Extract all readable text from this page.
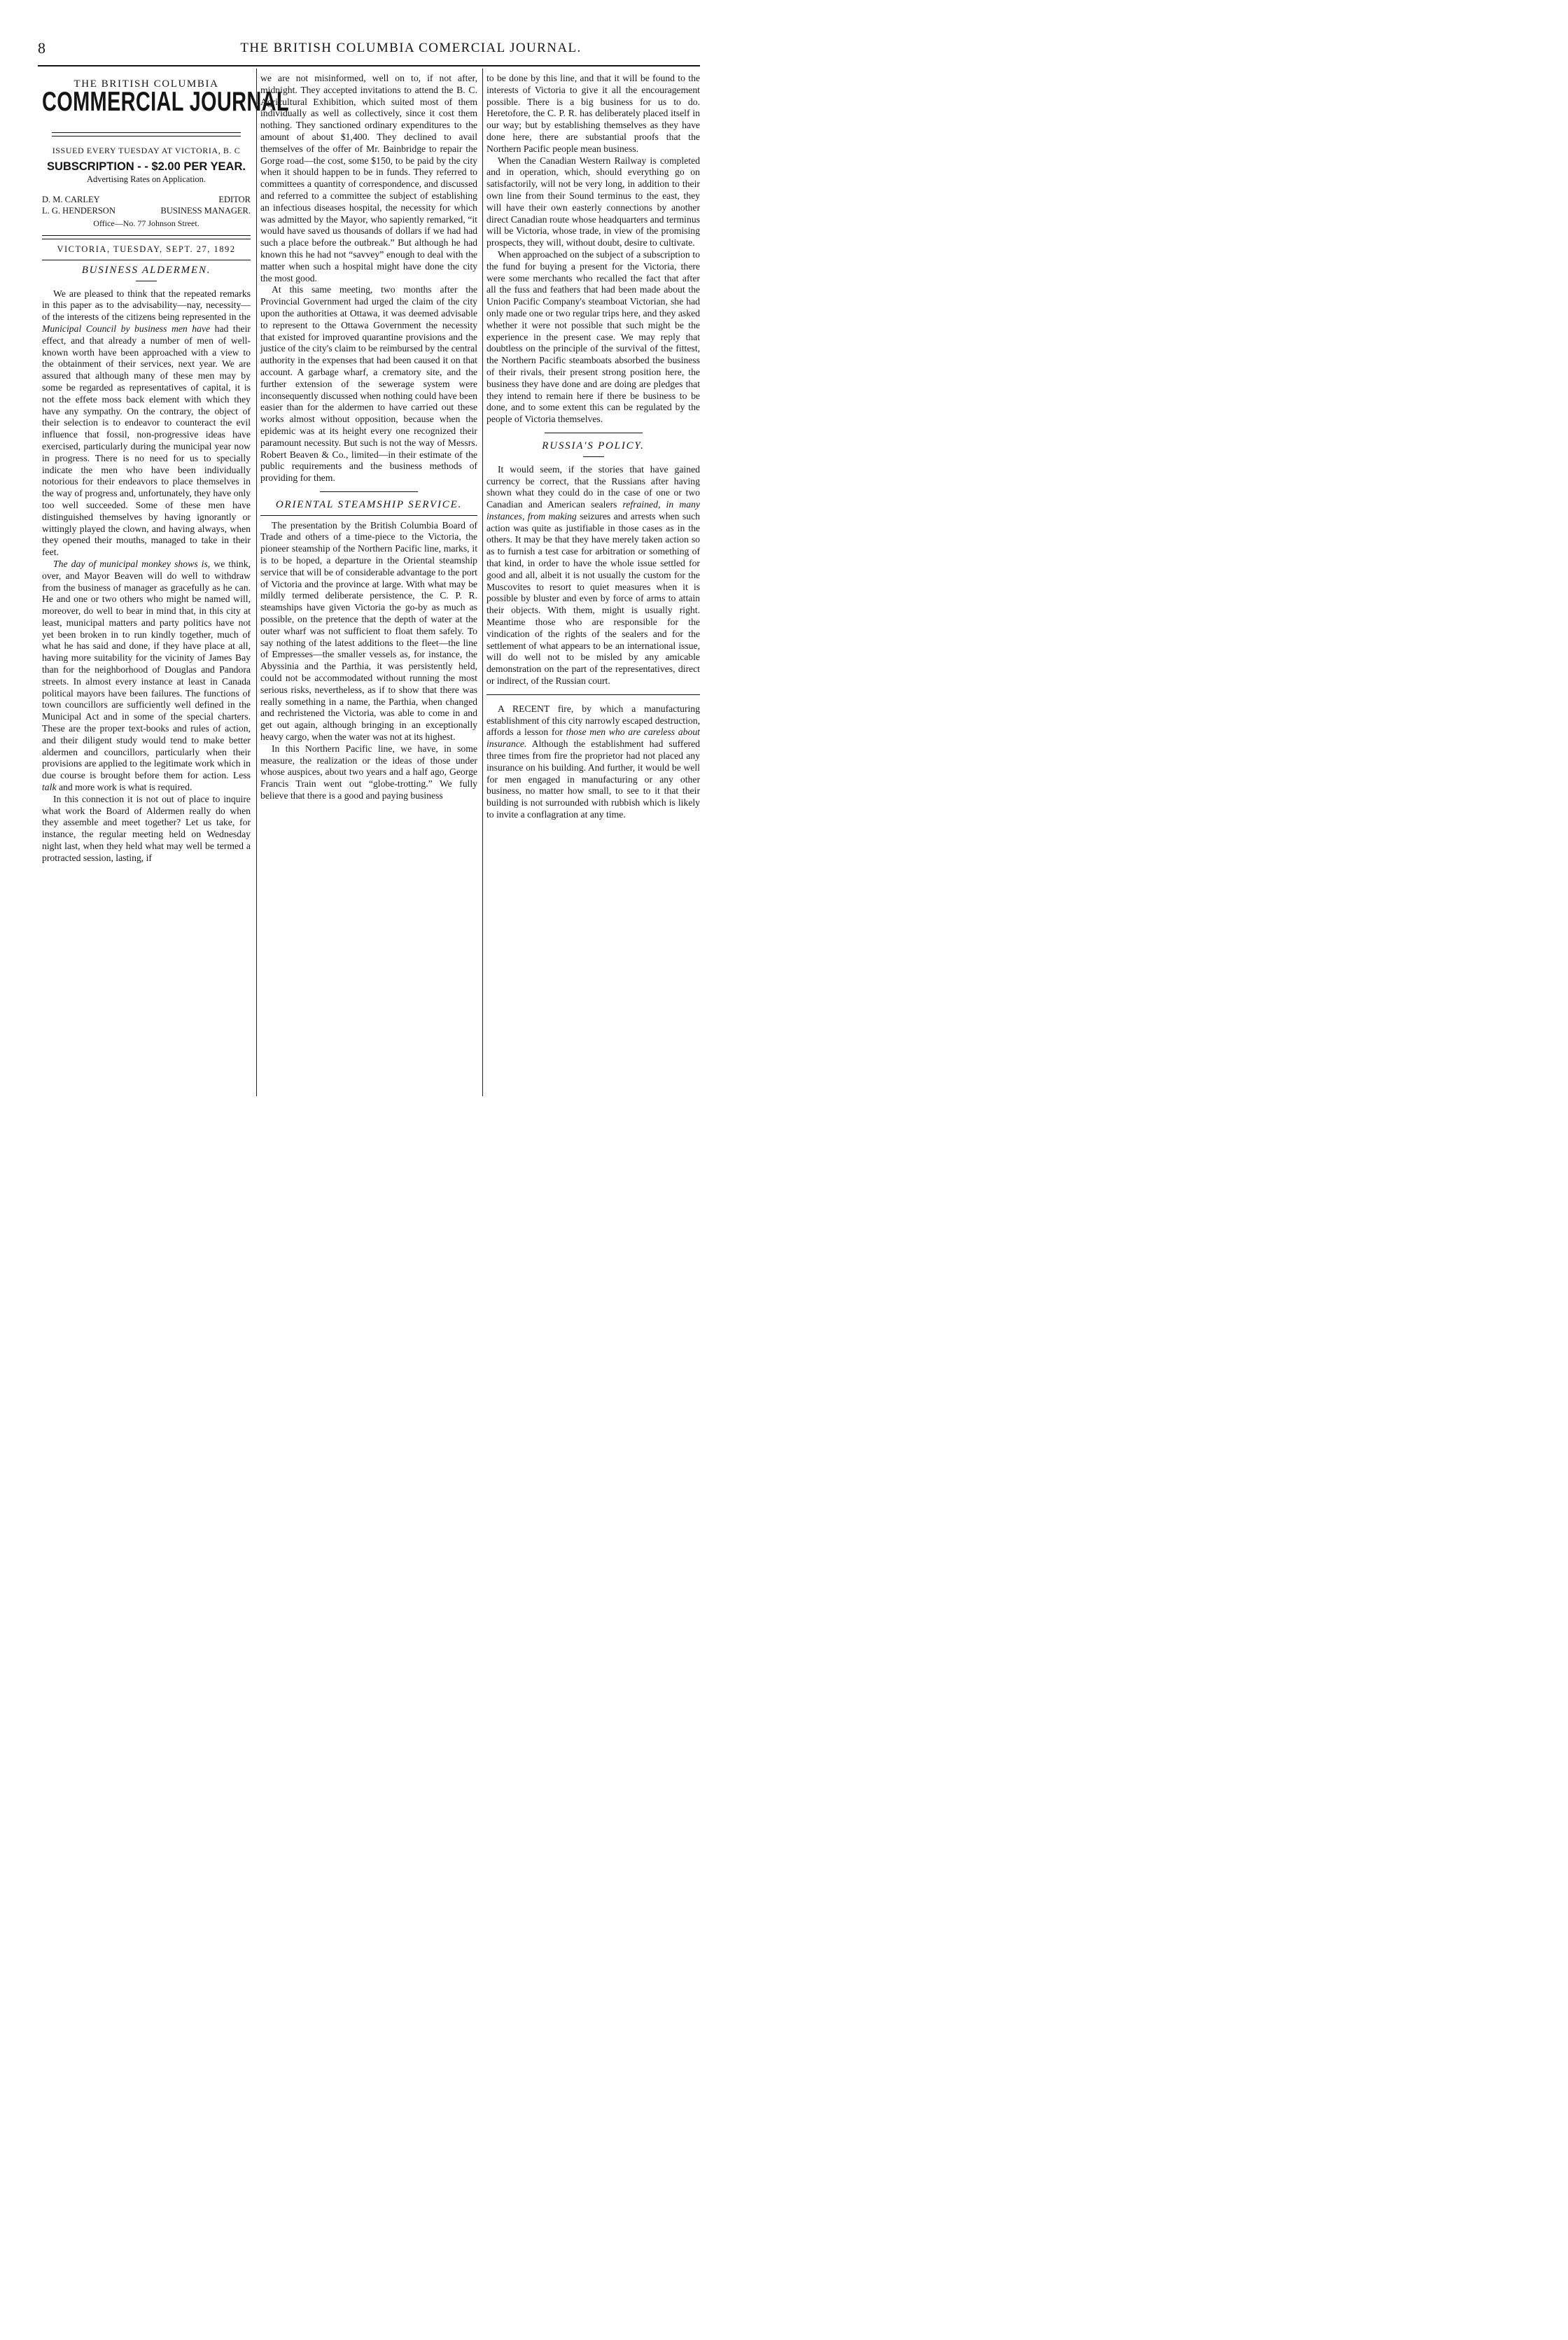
8	THE BRITISH COLUMBIA COMERCIAL JOURNAL.
THE BRITISH COLUMBIA
COMMERCIAL JOURNAL
ISSUED EVERY TUESDAY AT VICTORIA, B. C
SUBSCRIPTION - - $2.00 PER YEAR.
Advertising Rates on Application.
D. M. CARLEY	EDITOR
L. G. HENDERSON	BUSINESS MANAGER.
Office—No. 77 Johnson Street.
VICTORIA, TUESDAY, SEPT. 27, 1892
BUSINESS ALDERMEN.

We are pleased to think that the repeated remarks in this paper as to the advisability—nay, necessity—of the interests of the citizens being represented in the Municipal Council by business men have had their effect, and that already a number of men of well-known worth have been approached with a view to the obtainment of their services, next year. We are assured that although many of these men may by some be regarded as representatives of capital, it is not the effete moss back element with which they have any sympathy. On the contrary, the object of their selection is to endeavor to counteract the evil influence that fossil, non-progressive ideas have exercised, particularly during the municipal year now in progress. There is no need for us to specially indicate the men who have been individually notorious for their endeavors to place themselves in the way of progress and, unfortunately, they have only too well succeeded. Some of these men have distinguished themselves by having ignorantly or wittingly played the clown, and having always, when they opened their mouths, managed to take in their feet.

The day of municipal monkey shows is, we think, over, and Mayor Beaven will do well to withdraw from the business of manager as gracefully as he can. He and one or two others who might be named will, moreover, do well to bear in mind that, in this city at least, municipal matters and party politics have not yet been broken in to run kindly together, much of what he has said and done, if they have place at all, having more suitability for the vicinity of James Bay than for the neighborhood of Douglas and Pandora streets. In almost every instance at least in Canada political mayors have been failures. The functions of town councillors are sufficiently well defined in the Municipal Act and in some of the special charters. These are the proper text-books and rules of action, and their diligent study would tend to make better aldermen and councillors, particularly when their provisions are applied to the legitimate work which in due course is brought before them for action. Less talk and more work is what is required.

In this connection it is not out of place to inquire what work the Board of Aldermen really do when they assemble and meet together? Let us take, for instance, the regular meeting held on Wednesday night last, when they held what may well be termed a protracted session, lasting, if

we are not misinformed, well on to, if not after, midnight. They accepted invitations to attend the B. C. Agricultural Exhibition, which suited most of them individually as well as collectively, since it cost them nothing. They sanctioned ordinary expenditures to the amount of about $1,400. They declined to avail themselves of the offer of Mr. Bainbridge to repair the Gorge road—the cost, some $150, to be paid by the city when it should happen to be in funds. They referred to committees a quantity of correspondence, and discussed and referred to a committee the subject of establishing an infectious diseases hospital, the necessity for which was admitted by the Mayor, who sapiently remarked, “it would have saved us thousands of dollars if we had had such a place before the outbreak.” But although he had known this he had not “savvey” enough to deal with the matter when such a hospital might have done the city the most good.

At this same meeting, two months after the Provincial Government had urged the claim of the city upon the authorities at Ottawa, it was deemed advisable to represent to the Ottawa Government the necessity that existed for improved quarantine provisions and the justice of the city's claim to be reimbursed by the central authority in the expenses that had been caused it on that account. A garbage wharf, a crematory site, and the further extension of the sewerage system were inconsequently discussed when nothing could have been easier than for the aldermen to have carried out these works almost without opposition, because when the epidemic was at its height every one recognized their paramount necessity. But such is not the way of Messrs. Robert Beaven & Co., limited—in their estimate of the public requirements and the business methods of providing for them.

ORIENTAL STEAMSHIP SERVICE.

The presentation by the British Columbia Board of Trade and others of a time-piece to the Victoria, the pioneer steamship of the Northern Pacific line, marks, it is to be hoped, a departure in the Oriental steamship service that will be of considerable advantage to the port of Victoria and the province at large. With what may be mildly termed deliberate persistence, the C. P. R. steamships have given Victoria the go-by as much as possible, on the pretence that the depth of water at the outer wharf was not sufficient to float them safely. To say nothing of the latest additions to the fleet—the line of Empresses—the smaller vessels as, for instance, the Abyssinia and the Parthia, it was persistently held, could not be accommodated without running the most serious risks, nevertheless, as if to show that there was really something in a name, the Parthia, when changed and rechristened the Victoria, was able to come in and get out again, although bringing in an exceptionally heavy cargo, when the water was not at its highest.

In this Northern Pacific line, we have, in some measure, the realization or the ideas of those under whose auspices, about two years and a half ago, George Francis Train went out “globe-trotting.” We fully believe that there is a good and paying business

to be done by this line, and that it will be found to the interests of Victoria to give it all the encouragement possible. There is a big business for us to do. Heretofore, the C. P. R. has deliberately placed itself in our way; but by establishing themselves as they have done here, there are substantial proofs that the Northern Pacific people mean business.

When the Canadian Western Railway is completed and in operation, which, should everything go on satisfactorily, will not be very long, in addition to their own line from their Sound terminus to the east, they will have their own easterly connections by another direct Canadian route whose headquarters and terminus will be Victoria, whose trade, in view of the promising prospects, they will, without doubt, desire to cultivate.

When approached on the subject of a subscription to the fund for buying a present for the Victoria, there were some merchants who recalled the fact that after all the fuss and feathers that had been made about the Union Pacific Company's steamboat Victorian, she had only made one or two regular trips here, and they asked whether it were not possible that such might be the experience in the present case. We may reply that doubtless on the principle of the survival of the fittest, the Northern Pacific steamboats absorbed the business of their rivals, their present strong position here, the business they have done and are doing are pledges that they intend to remain here if there be business to be done, and to some extent this can be regulated by the people of Victoria themselves.

RUSSIA'S POLICY.

It would seem, if the stories that have gained currency be correct, that the Russians after having shown what they could do in the case of one or two Canadian and American sealers refrained, in many instances, from making seizures and arrests when such action was quite as justifiable in those cases as in the others. It may be that they have merely taken action so as to furnish a test case for arbitration or something of that kind, in order to have the whole issue settled for good and all, albeit it is not usually the custom for the Muscovites to resort to quiet measures when it is possible by bluster and even by force of arms to attain their objects. With them, might is usually right. Meantime those who are responsible for the vindication of the rights of the sealers and for the settlement of what appears to be an international issue, will do well not to be misled by any amicable demonstration on the part of the representatives, direct or indirect, of the Russian court.

A RECENT fire, by which a manufacturing establishment of this city narrowly escaped destruction, affords a lesson for those men who are careless about insurance. Although the establishment had suffered three times from fire the proprietor had not placed any insurance on his building. And further, it would be well for men engaged in manufacturing or any other business, no matter how small, to see to it that their building is not surrounded with rubbish which is likely to invite a conflagration at any time.
